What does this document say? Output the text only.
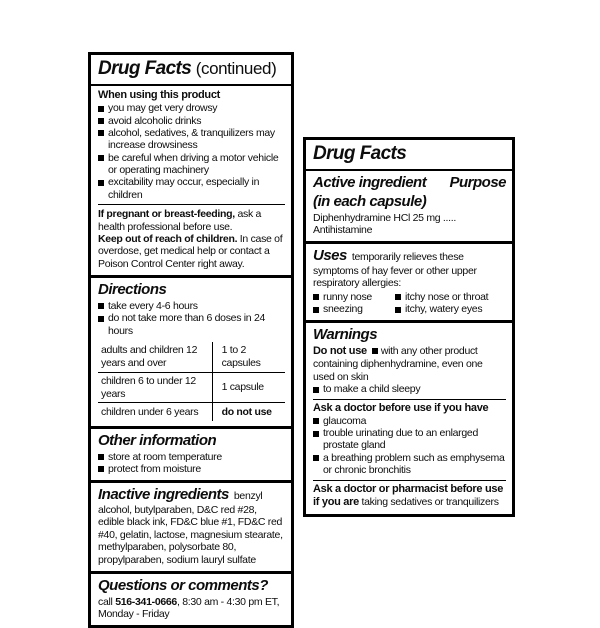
Drug Facts (continued)
When using this product
you may get very drowsy
avoid alcoholic drinks
alcohol, sedatives, & tranquilizers may increase drowsiness
be careful when driving a motor vehicle or operating machinery
excitability may occur, especially in children

If pregnant or breast-feeding, ask a health professional before use.

Keep out of reach of children. In case of overdose, get medical help or contact a Poison Control Center right away.

Directions
take every 4-6 hours
do not take more than 6 doses in 24 hours
adults and children 12 years and over	1 to 2 capsules
children 6 to under 12 years	1 capsule
children under 6 years	do not use
Other information
store at room temperature
protect from moisture

Inactive ingredients benzyl alcohol, butylparaben, D&C red #28, edible black ink, FD&C blue #1, FD&C red #40, gelatin, lactose, magnesium stearate, methylparaben, polysorbate 80, propylparaben, sodium lauryl sulfate

Questions or comments?

call 516-341-0666, 8:30 am - 4:30 pm ET, Monday - Friday

Drug Facts
Active ingredient
(in each capsule)
Purpose

Diphenhydramine HCl 25 mg ..... Antihistamine

Uses temporarily relieves these symptoms of hay fever or other upper respiratory allergies:

runny nose	itchy nose or throat
sneezing	itchy, watery eyes
Warnings

Do not use with any other product containing diphenhydramine, even one used on skin

to make a child sleepy
Ask a doctor before use if you have
glaucoma
trouble urinating due to an enlarged prostate gland
a breathing problem such as emphysema or chronic bronchitis

Ask a doctor or pharmacist before use if you are taking sedatives or tranquilizers
